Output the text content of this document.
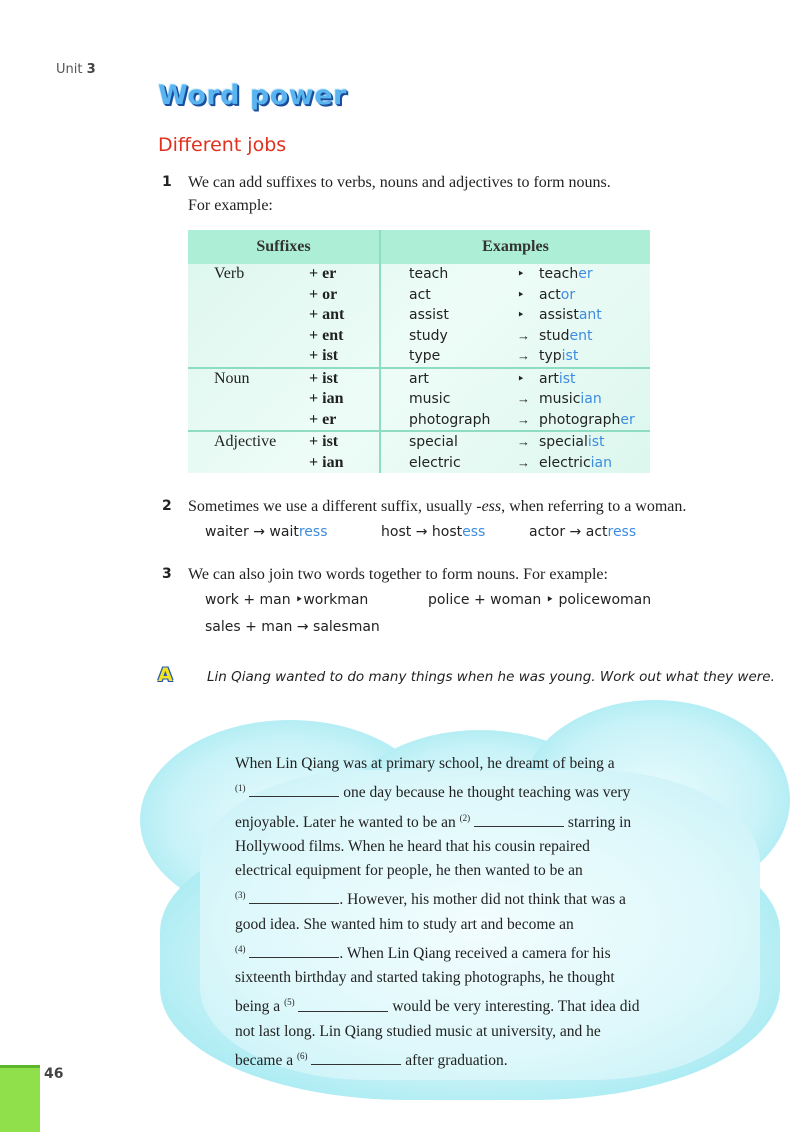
Unit 3
Word power
Different jobs
1 We can add suffixes to verbs, nouns and adjectives to form nouns.
For example:
Suffixes		Examples		
Verb	+ er	teach	‣	teacher
	+ or	act	‣	actor
	+ ant	assist	‣	assistant
	+ ent	study	→	student
	+ ist	type	→	typist
Noun	+ ist	art	‣	artist
	+ ian	music	→	musician
	+ er	photograph	→	photographer
Adjective	+ ist	special	→	specialist
	+ ian	electric	→	electrician
2 Sometimes we use a different suffix, usually -ess, when referring to a woman.
waiter → waitress	host → hostess	actor → actress
3 We can also join two words together to form nouns. For example:
work + man ‣workman	police + woman ‣ policewoman
sales + man → salesman
A	Lin Qiang wanted to do many things when he was young. Work out what they were.
When Lin Qiang was at primary school, he dreamt of being a
$^{(1)}$	one day because he thought teaching was very
enjoyable. Later he wanted to be an $^{(2)}$	starring in
Hollywood films. When he heard that his cousin repaired
electrical equipment for people, he then wanted to be an
$^{(3)}$	. However, his mother did not think that was a
good idea. She wanted him to study art and become an
$^{(4)}$	. When Lin Qiang received a camera for his
sixteenth birthday and started taking photographs, he thought
being a $^{(5)}$	would be very interesting. That idea did
not last long. Lin Qiang studied music at university, and he
became a $^{(6)}$	after graduation.
46
